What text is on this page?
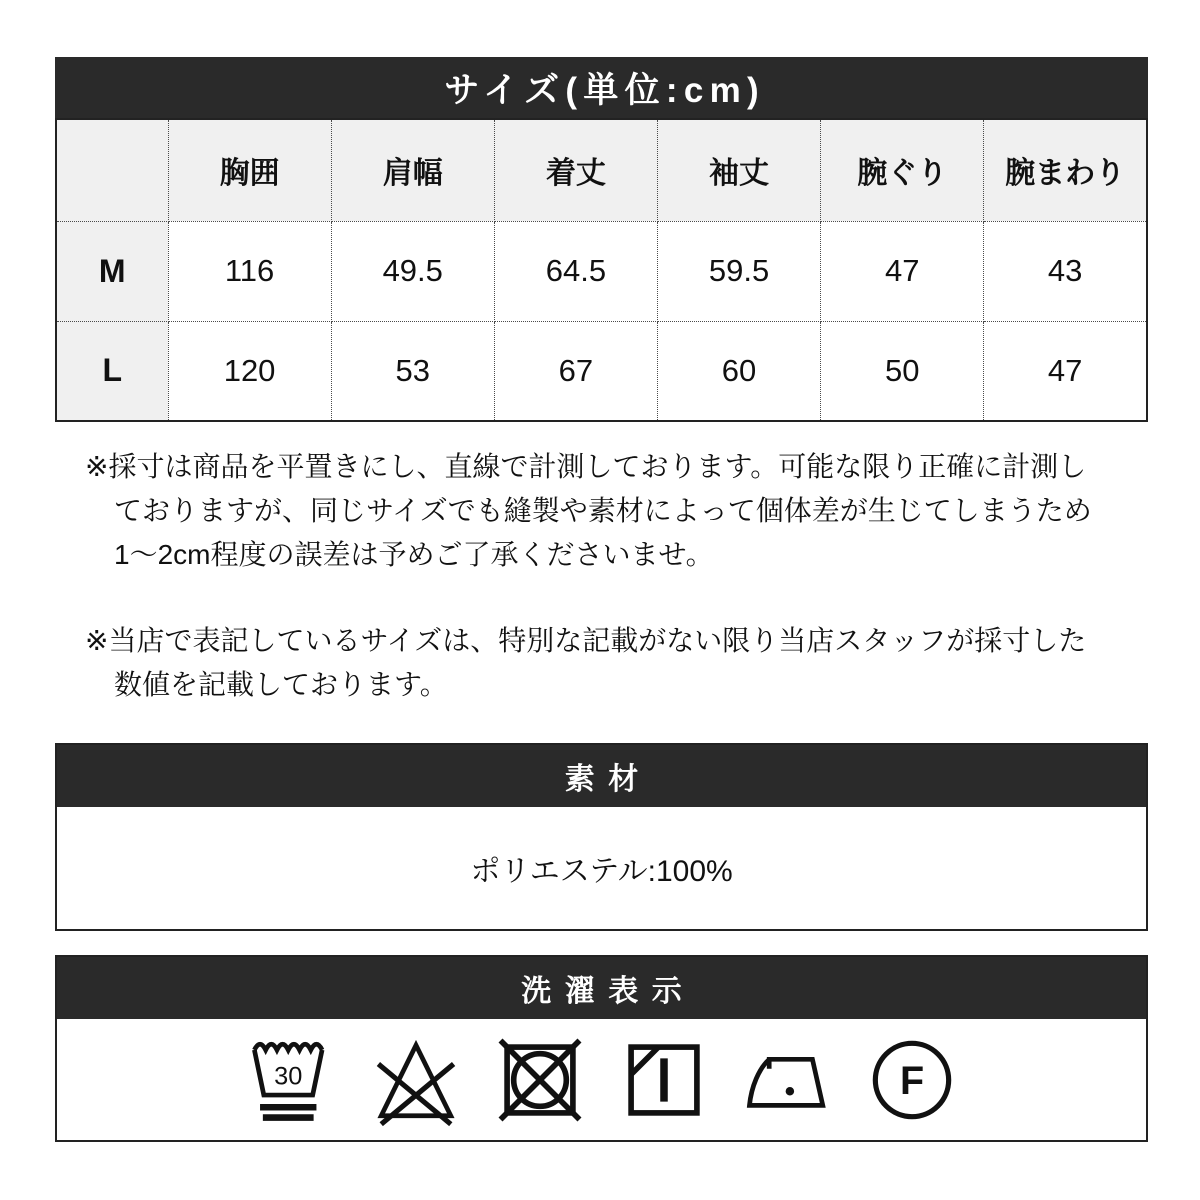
サイズ(単位:cm)
	胸囲	肩幅	着丈	袖丈	腕ぐり	腕まわり
M	116	49.5	64.5	59.5	47	43
L	120	53	67	60	50	47
※採寸は商品を平置きにし、直線で計測しております。可能な限り正確に計測し
ておりますが、同じサイズでも縫製や素材によって個体差が生じてしまうため
1〜2cm程度の誤差は予めご了承くださいませ。
※当店で表記しているサイズは、特別な記載がない限り当店スタッフが採寸した
数値を記載しております。
素材
ポリエステル:100%
洗濯表示
30	F
